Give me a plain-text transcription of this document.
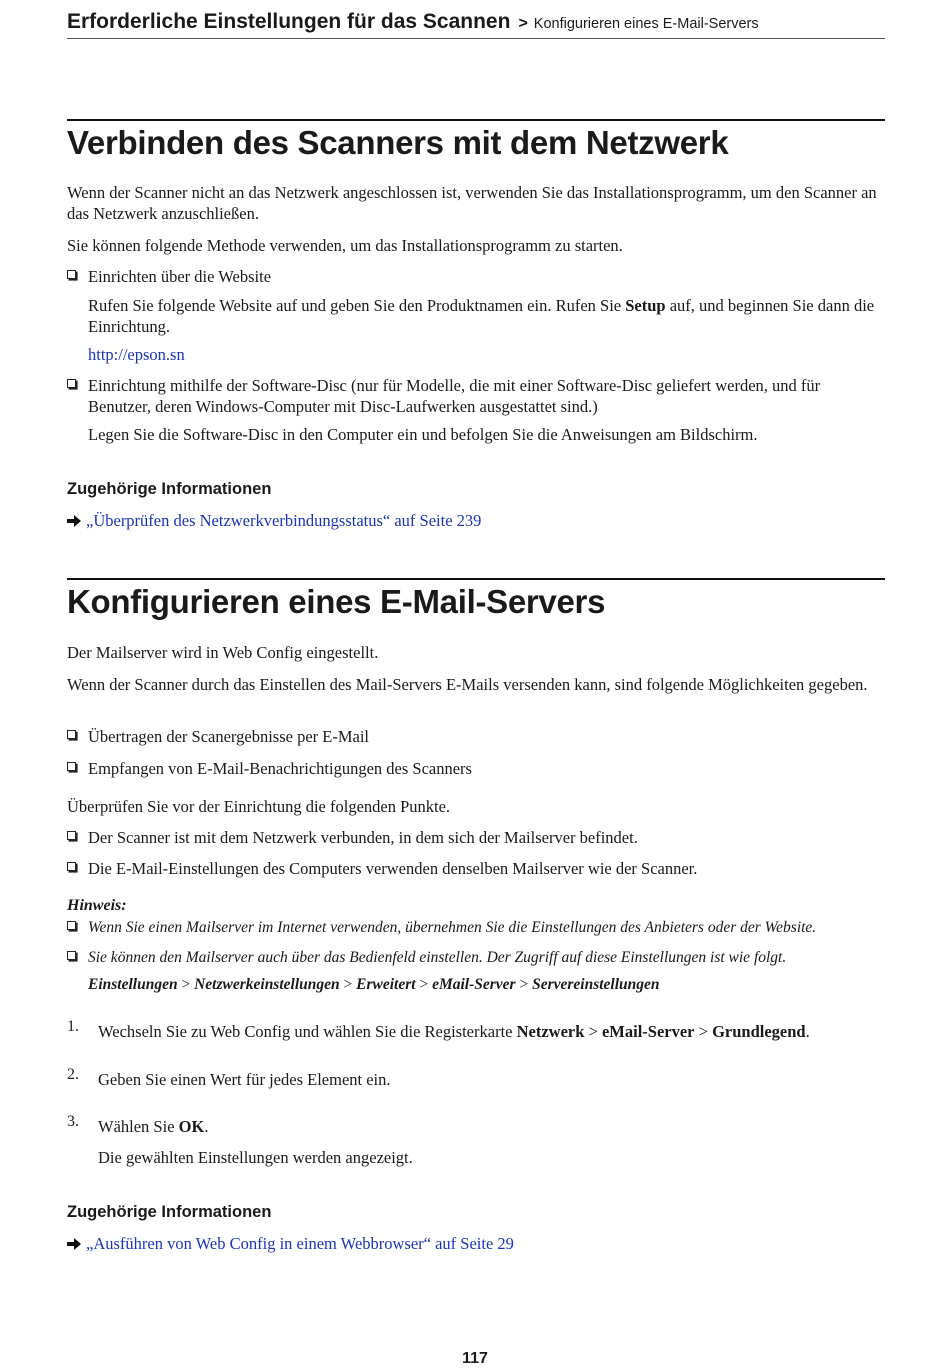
Erforderliche Einstellungen für das Scannen > Konfigurieren eines E-Mail-Servers
Verbinden des Scanners mit dem Netzwerk
Wenn der Scanner nicht an das Netzwerk angeschlossen ist, verwenden Sie das Installationsprogramm, um den Scanner an das Netzwerk anzuschließen.
Sie können folgende Methode verwenden, um das Installationsprogramm zu starten.
Einrichten über die Website
Rufen Sie folgende Website auf und geben Sie den Produktnamen ein. Rufen Sie Setup auf, und beginnen Sie dann die Einrichtung.
http://epson.sn
Einrichtung mithilfe der Software-Disc (nur für Modelle, die mit einer Software-Disc geliefert werden, und für Benutzer, deren Windows-Computer mit Disc-Laufwerken ausgestattet sind.)
Legen Sie die Software-Disc in den Computer ein und befolgen Sie die Anweisungen am Bildschirm.
Zugehörige Informationen
„Überprüfen des Netzwerkverbindungsstatus“ auf Seite 239
Konfigurieren eines E-Mail-Servers
Der Mailserver wird in Web Config eingestellt.
Wenn der Scanner durch das Einstellen des Mail-Servers E-Mails versenden kann, sind folgende Möglichkeiten gegeben.
Übertragen der Scanergebnisse per E-Mail
Empfangen von E-Mail-Benachrichtigungen des Scanners
Überprüfen Sie vor der Einrichtung die folgenden Punkte.
Der Scanner ist mit dem Netzwerk verbunden, in dem sich der Mailserver befindet.
Die E-Mail-Einstellungen des Computers verwenden denselben Mailserver wie der Scanner.
Hinweis:
Wenn Sie einen Mailserver im Internet verwenden, übernehmen Sie die Einstellungen des Anbieters oder der Website.
Sie können den Mailserver auch über das Bedienfeld einstellen. Der Zugriff auf diese Einstellungen ist wie folgt.
Einstellungen > Netzwerkeinstellungen > Erweitert > eMail-Server > Servereinstellungen
1. Wechseln Sie zu Web Config und wählen Sie die Registerkarte Netzwerk > eMail-Server > Grundlegend.
2. Geben Sie einen Wert für jedes Element ein.
3. Wählen Sie OK.
Die gewählten Einstellungen werden angezeigt.
Zugehörige Informationen
„Ausführen von Web Config in einem Webbrowser“ auf Seite 29
117
